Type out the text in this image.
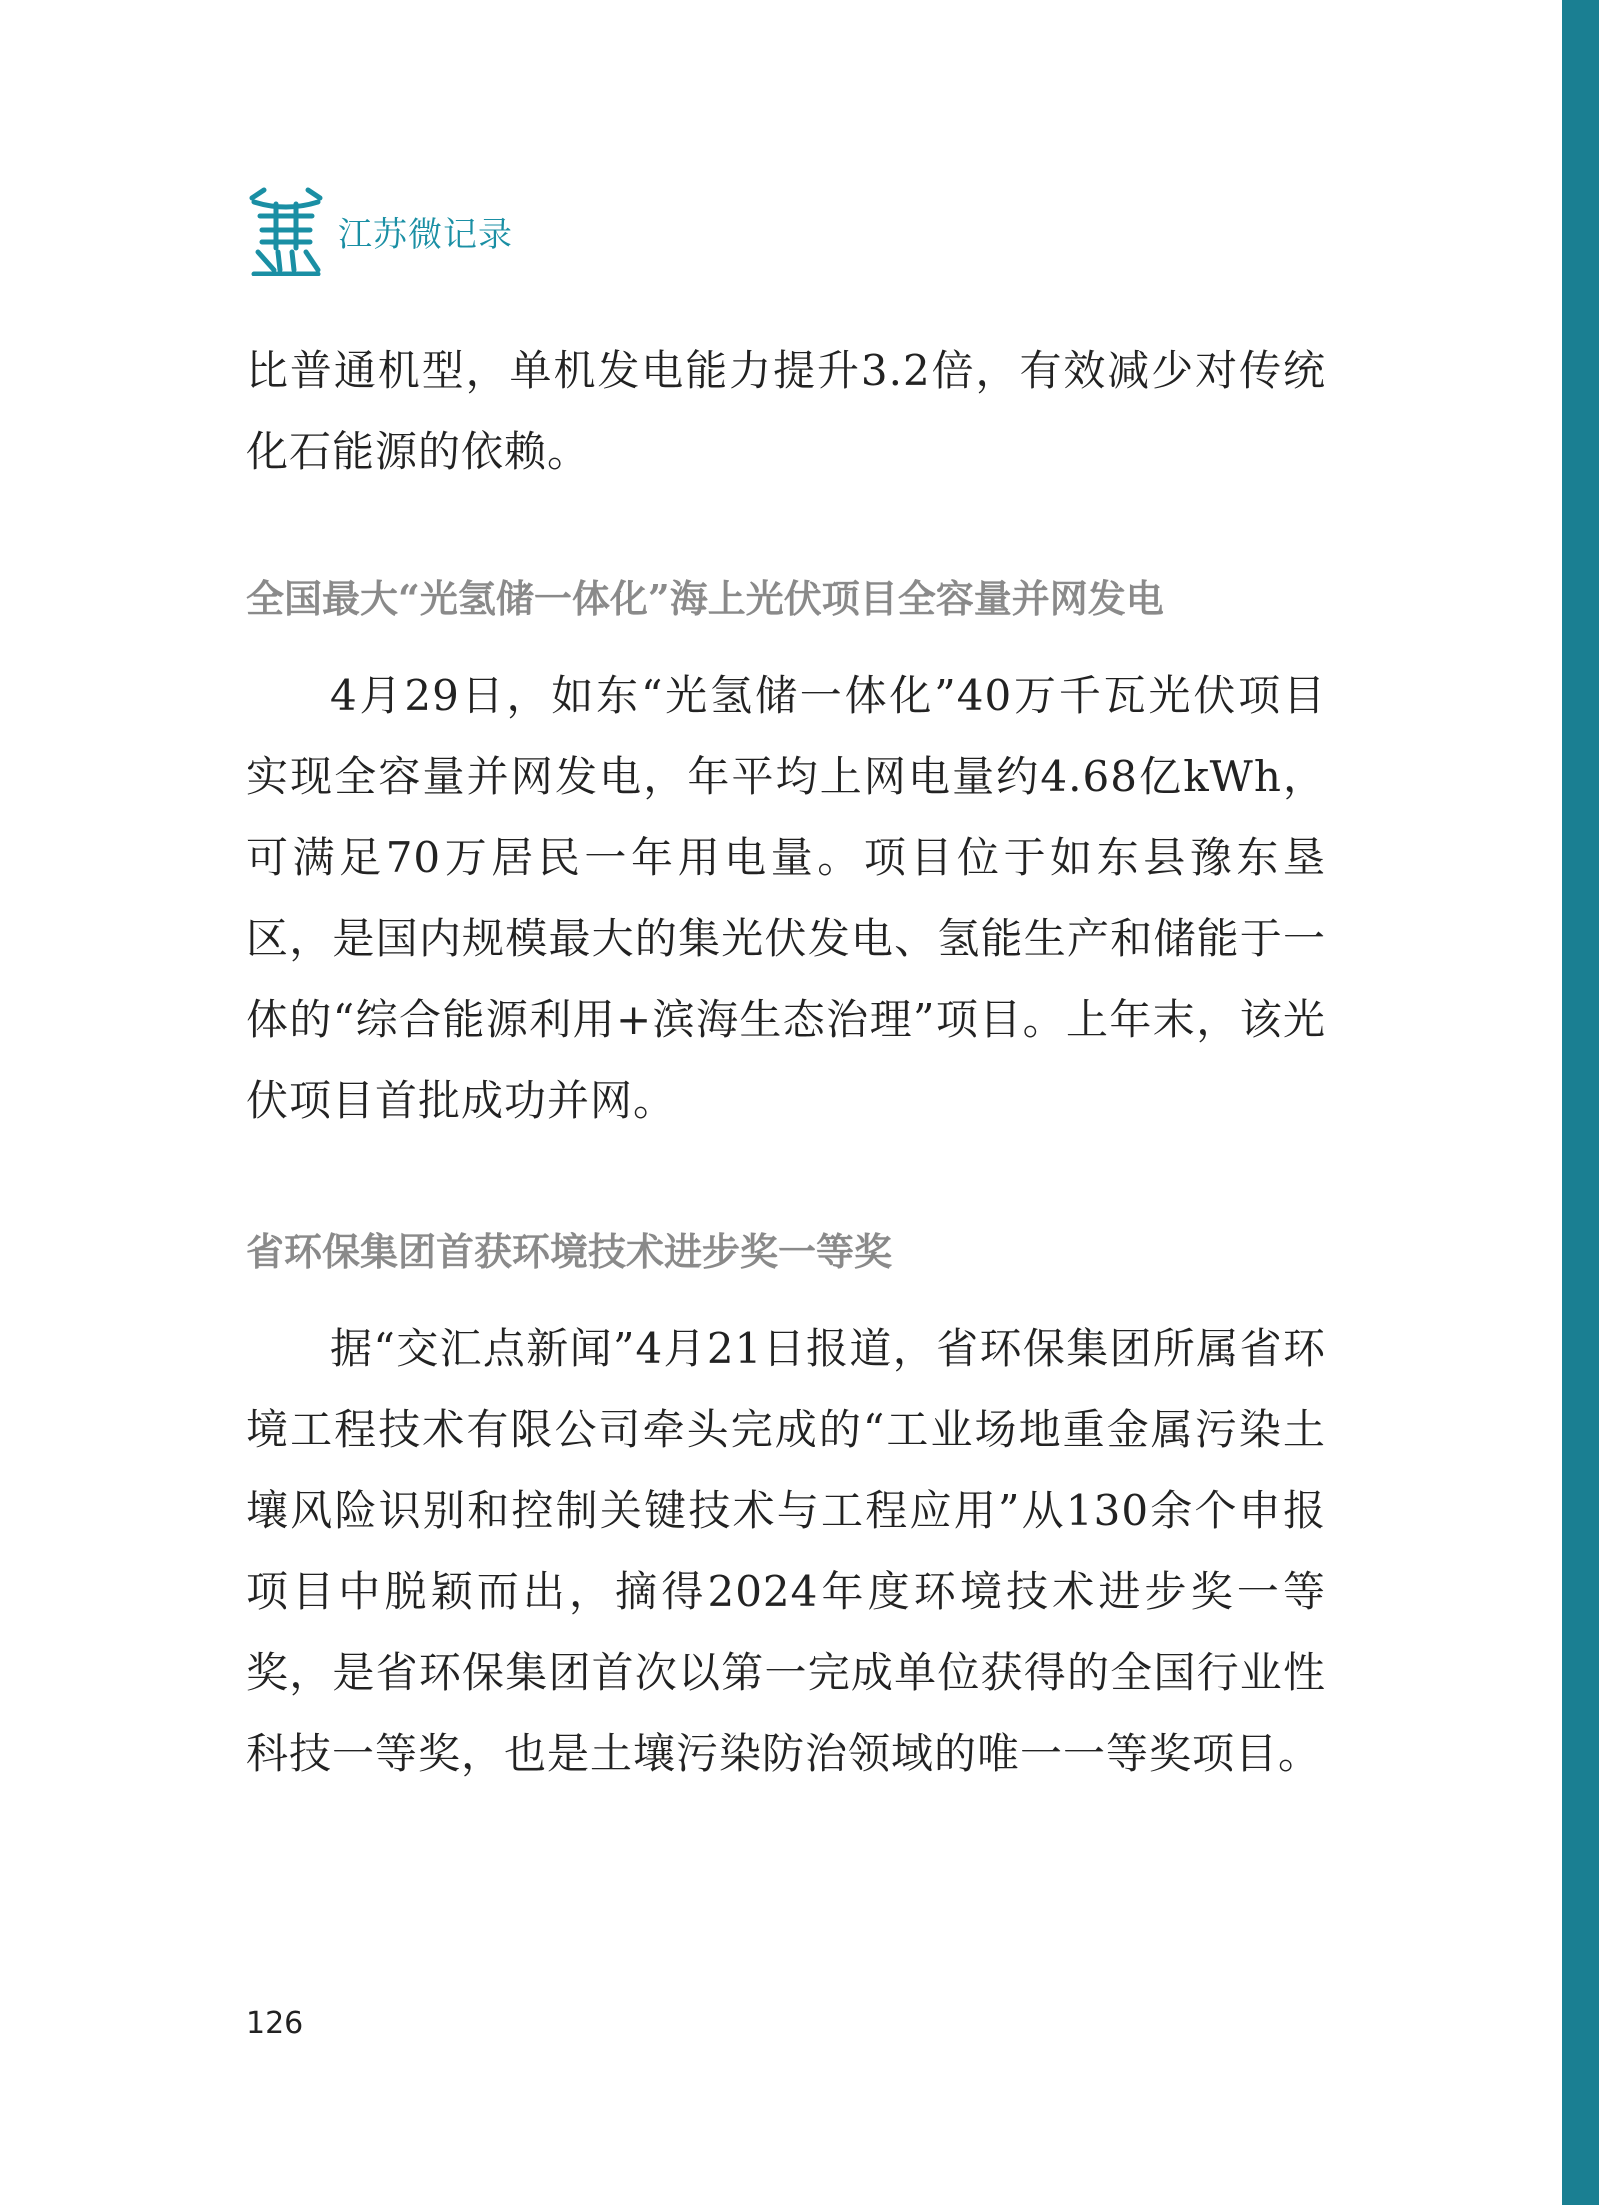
江苏微记录

比普通机型，单机发电能力提升3.2倍，有效减少对传统化石能源的依赖。

全国最大“光氢储一体化”海上光伏项目全容量并网发电

4月29日，如东“光氢储一体化”40万千瓦光伏项目实现全容量并网发电，年平均上网电量约4.68亿kWh，可满足70万居民一年用电量。项目位于如东县豫东垦区，是国内规模最大的集光伏发电、氢能生产和储能于一体的“综合能源利用+滨海生态治理”项目。上年末，该光伏项目首批成功并网。

省环保集团首获环境技术进步奖一等奖

据“交汇点新闻”4月21日报道，省环保集团所属省环境工程技术有限公司牵头完成的“工业场地重金属污染土壤风险识别和控制关键技术与工程应用”从130余个申报项目中脱颖而出，摘得2024年度环境技术进步奖一等奖，是省环保集团首次以第一完成单位获得的全国行业性科技一等奖，也是土壤污染防治领域的唯一一等奖项目。

126
